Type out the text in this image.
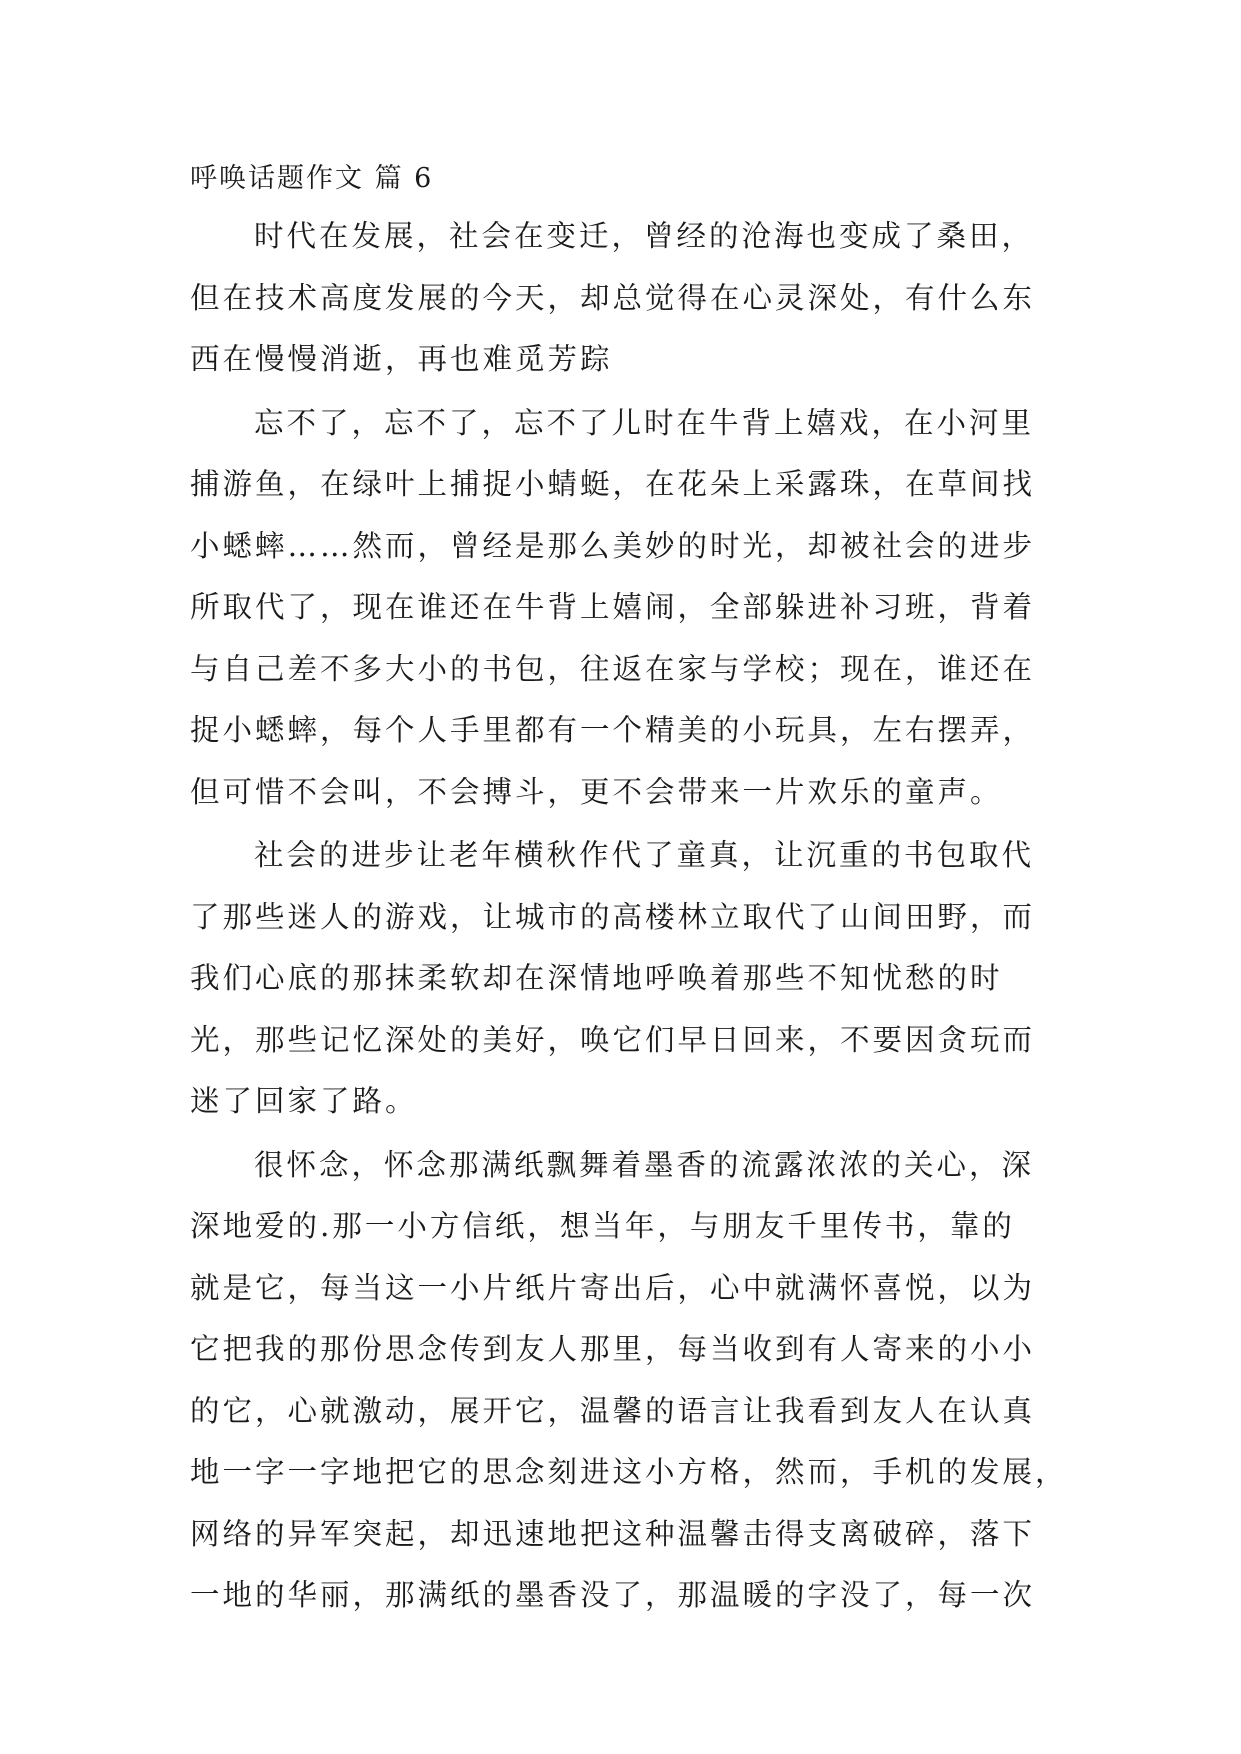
呼唤话题作文 篇 6

时代在发展，社会在变迁，曾经的沧海也变成了桑田，
但在技术高度发展的今天，却总觉得在心灵深处，有什么东
西在慢慢消逝，再也难觅芳踪

忘不了，忘不了，忘不了儿时在牛背上嬉戏，在小河里
捕游鱼，在绿叶上捕捉小蜻蜓，在花朵上采露珠，在草间找
小蟋蟀……然而，曾经是那么美妙的时光，却被社会的进步
所取代了，现在谁还在牛背上嬉闹，全部躲进补习班，背着
与自己差不多大小的书包，往返在家与学校；现在，谁还在
捉小蟋蟀，每个人手里都有一个精美的小玩具，左右摆弄，
但可惜不会叫，不会搏斗，更不会带来一片欢乐的童声。

社会的进步让老年横秋作代了童真，让沉重的书包取代
了那些迷人的游戏，让城市的高楼林立取代了山间田野，而
我们心底的那抹柔软却在深情地呼唤着那些不知忧愁的时
光，那些记忆深处的美好，唤它们早日回来，不要因贪玩而
迷了回家了路。

很怀念，怀念那满纸飘舞着墨香的流露浓浓的关心，深
深地爱的.那一小方信纸，想当年，与朋友千里传书，靠的
就是它，每当这一小片纸片寄出后，心中就满怀喜悦，以为
它把我的那份思念传到友人那里，每当收到有人寄来的小小
的它，心就激动，展开它，温馨的语言让我看到友人在认真
地一字一字地把它的思念刻进这小方格，然而，手机的发展，
网络的异军突起，却迅速地把这种温馨击得支离破碎，落下
一地的华丽，那满纸的墨香没了，那温暖的字没了，每一次
